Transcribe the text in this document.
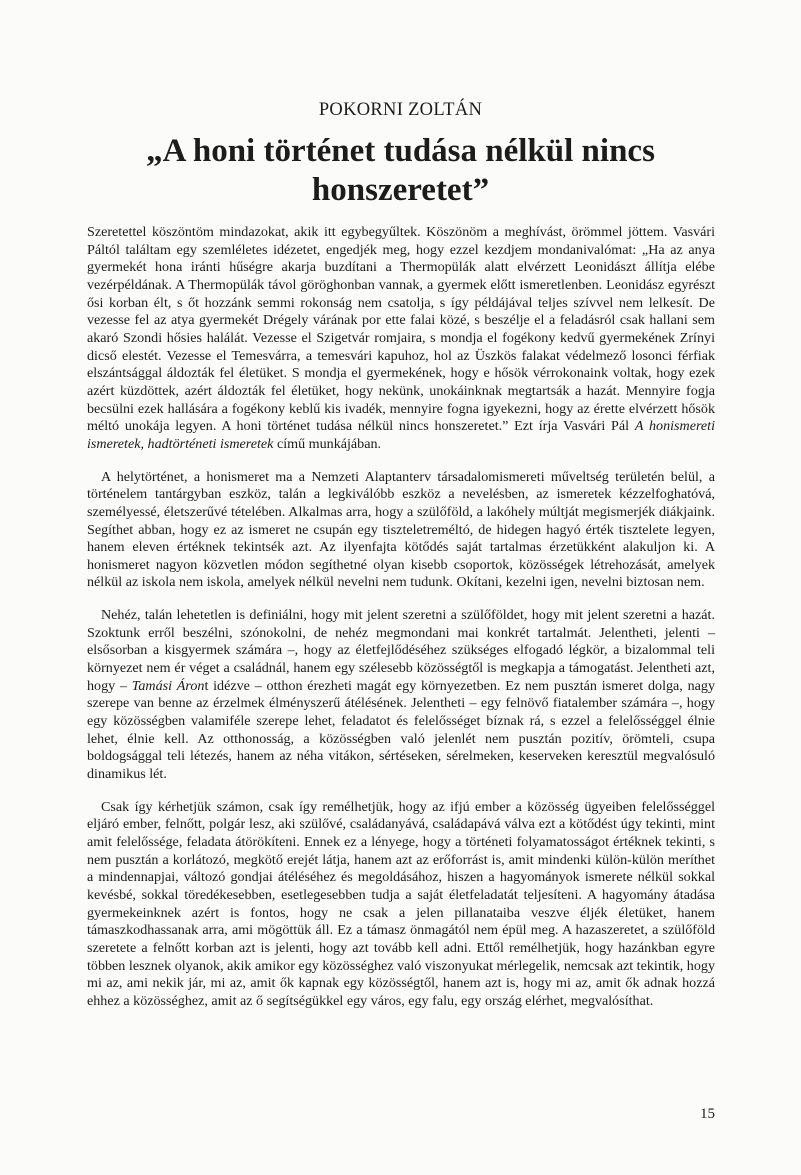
POKORNI ZOLTÁN
„A honi történet tudása nélkül nincs
honszeretet”

Szeretettel köszöntöm mindazokat, akik itt egybegyűltek. Köszönöm a meghívást, örömmel jöttem. Vasvári Páltól találtam egy szemléletes idézetet, engedjék meg, hogy ezzel kezdjem mondanivalómat: „Ha az anya gyermekét hona iránti hűségre akarja buzdítani a Thermopülák alatt elvérzett Leonidászt állítja elébe vezérpéldának. A Thermopülák távol göröghonban vannak, a gyermek előtt ismeretlenben. Leonidász egyrészt ősi korban élt, s őt hozzánk semmi rokonság nem csatolja, s így példájával teljes szívvel nem lelkesít. De vezesse fel az atya gyermekét Drégely várának por ette falai közé, s beszélje el a feladásról csak hallani sem akaró Szondi hősies halálát. Vezesse el Szigetvár romjaira, s mondja el fogékony kedvű gyermekének Zrínyi dicső elestét. Vezesse el Temesvárra, a temesvári kapuhoz, hol az Üszkös falakat védelmező losonci férfiak elszántsággal áldozták fel életüket. S mondja el gyermekének, hogy e hősök vérrokonaink voltak, hogy ezek azért küzdöttek, azért áldozták fel életüket, hogy nekünk, unokáinknak megtartsák a hazát. Mennyire fogja becsülni ezek hallására a fogékony keblű kis ivadék, mennyire fogna igyekezni, hogy az érette elvérzett hősök méltó unokája legyen. A honi történet tudása nélkül nincs honszeretet.” Ezt írja Vasvári Pál A honismereti ismeretek, hadtörténeti ismeretek című munkájában.

A helytörténet, a honismeret ma a Nemzeti Alaptanterv társadalomismereti műveltség területén belül, a történelem tantárgyban eszköz, talán a legkiválóbb eszköz a nevelésben, az ismeretek kézzelfoghatóvá, személyessé, életszerűvé tételében. Alkalmas arra, hogy a szülőföld, a lakóhely múltját megismerjék diákjaink. Segíthet abban, hogy ez az ismeret ne csupán egy tiszteletreméltó, de hidegen hagyó érték tisztelete legyen, hanem eleven értéknek tekintsék azt. Az ilyenfajta kötődés saját tartalmas érzetükként alakuljon ki. A honismeret nagyon közvetlen módon segíthetné olyan kisebb csoportok, közösségek létrehozását, amelyek nélkül az iskola nem iskola, amelyek nélkül nevelni nem tudunk. Okítani, kezelni igen, nevelni biztosan nem.

Nehéz, talán lehetetlen is definiálni, hogy mit jelent szeretni a szülőföldet, hogy mit jelent szeretni a hazát. Szoktunk erről beszélni, szónokolni, de nehéz megmondani mai konkrét tartalmát. Jelentheti, jelenti – elsősorban a kisgyermek számára –, hogy az életfejlődéséhez szükséges elfogadó légkör, a bizalommal teli környezet nem ér véget a családnál, hanem egy szélesebb közösségtől is megkapja a támogatást. Jelentheti azt, hogy – Tamási Áront idézve – otthon érezheti magát egy környezetben. Ez nem pusztán ismeret dolga, nagy szerepe van benne az érzelmek élményszerű átélésének. Jelentheti – egy felnövő fiatalember számára –, hogy egy közösségben valamiféle szerepe lehet, feladatot és felelősséget bíznak rá, s ezzel a felelősséggel élnie lehet, élnie kell. Az otthonosság, a közösségben való jelenlét nem pusztán pozitív, örömteli, csupa boldogsággal teli létezés, hanem az néha vitákon, sértéseken, sérelmeken, keserveken keresztül megvalósuló dinamikus lét.

Csak így kérhetjük számon, csak így remélhetjük, hogy az ifjú ember a közösség ügyeiben felelősséggel eljáró ember, felnőtt, polgár lesz, aki szülővé, családanyává, családapává válva ezt a kötődést úgy tekinti, mint amit felelőssége, feladata átörökíteni. Ennek ez a lényege, hogy a történeti folyamatosságot értéknek tekinti, s nem pusztán a korlátozó, megkötő erejét látja, hanem azt az erőforrást is, amit mindenki külön-külön meríthet a mindennapjai, változó gondjai átéléséhez és megoldásához, hiszen a hagyományok ismerete nélkül sokkal kevésbé, sokkal töredékesebben, esetlegesebben tudja a saját életfeladatát teljesíteni. A hagyomány átadása gyermekeinknek azért is fontos, hogy ne csak a jelen pillanataiba veszve éljék életüket, hanem támaszkodhassanak arra, ami mögöttük áll. Ez a támasz önmagától nem épül meg. A hazaszeretet, a szülőföld szeretete a felnőtt korban azt is jelenti, hogy azt tovább kell adni. Ettől remélhetjük, hogy hazánkban egyre többen lesznek olyanok, akik amikor egy közösséghez való viszonyukat mérlegelik, nemcsak azt tekintik, hogy mi az, ami nekik jár, mi az, amit ők kapnak egy közösségtől, hanem azt is, hogy mi az, amit ők adnak hozzá ehhez a közösséghez, amit az ő segítségükkel egy város, egy falu, egy ország elérhet, megvalósíthat.

15
